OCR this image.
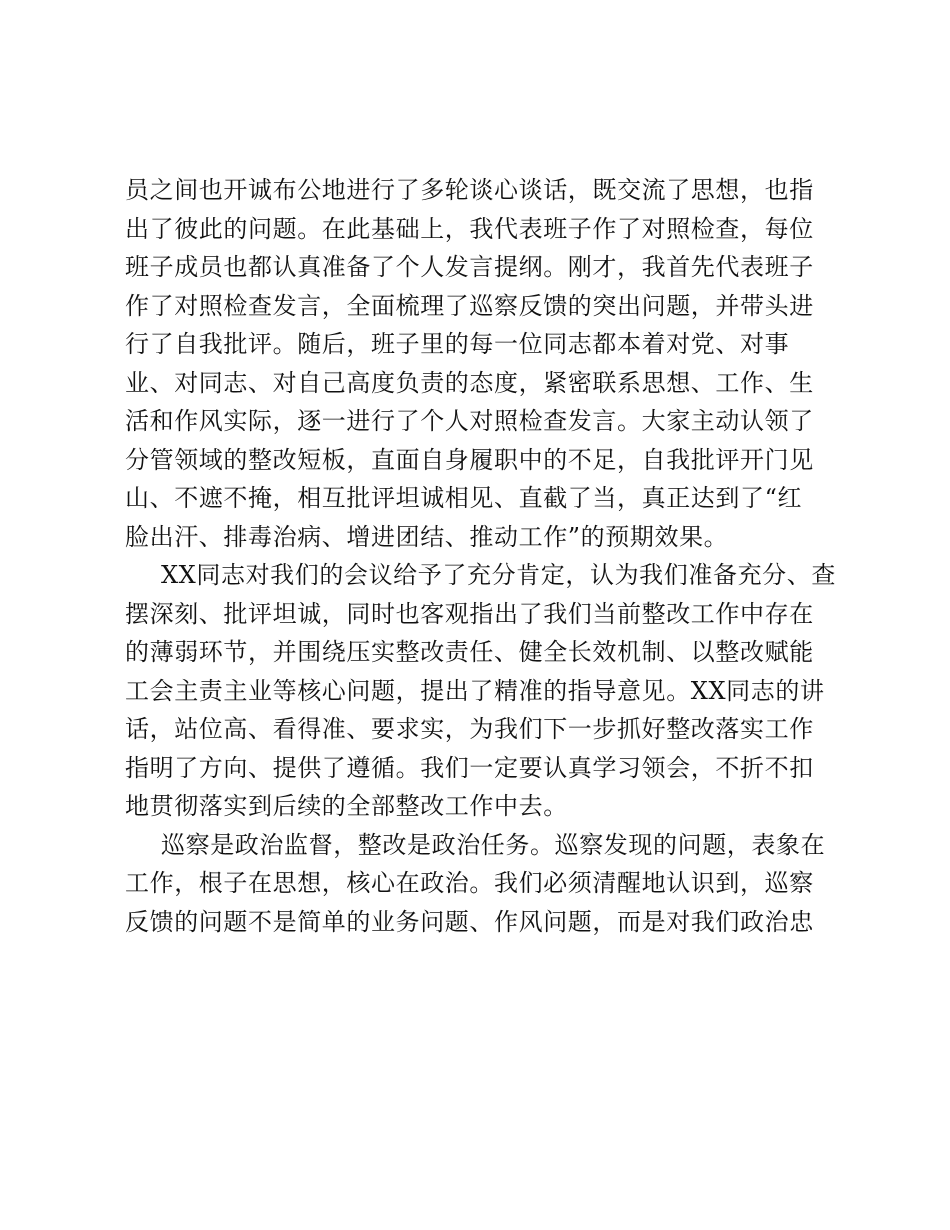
员之间也开诚布公地进行了多轮谈心谈话，既交流了思想，也指
出了彼此的问题。在此基础上，我代表班子作了对照检查，每位
班子成员也都认真准备了个人发言提纲。刚才，我首先代表班子
作了对照检查发言，全面梳理了巡察反馈的突出问题，并带头进
行了自我批评。随后，班子里的每一位同志都本着对党、对事
业、对同志、对自己高度负责的态度，紧密联系思想、工作、生
活和作风实际，逐一进行了个人对照检查发言。大家主动认领了
分管领域的整改短板，直面自身履职中的不足，自我批评开门见
山、不遮不掩，相互批评坦诚相见、直截了当，真正达到了“红
脸出汗、排毒治病、增进团结、推动工作”的预期效果。
XX同志对我们的会议给予了充分肯定，认为我们准备充分、查
摆深刻、批评坦诚，同时也客观指出了我们当前整改工作中存在
的薄弱环节，并围绕压实整改责任、健全长效机制、以整改赋能
工会主责主业等核心问题，提出了精准的指导意见。XX同志的讲
话，站位高、看得准、要求实，为我们下一步抓好整改落实工作
指明了方向、提供了遵循。我们一定要认真学习领会，不折不扣
地贯彻落实到后续的全部整改工作中去。
巡察是政治监督，整改是政治任务。巡察发现的问题，表象在
工作，根子在思想，核心在政治。我们必须清醒地认识到，巡察
反馈的问题不是简单的业务问题、作风问题，而是对我们政治忠
